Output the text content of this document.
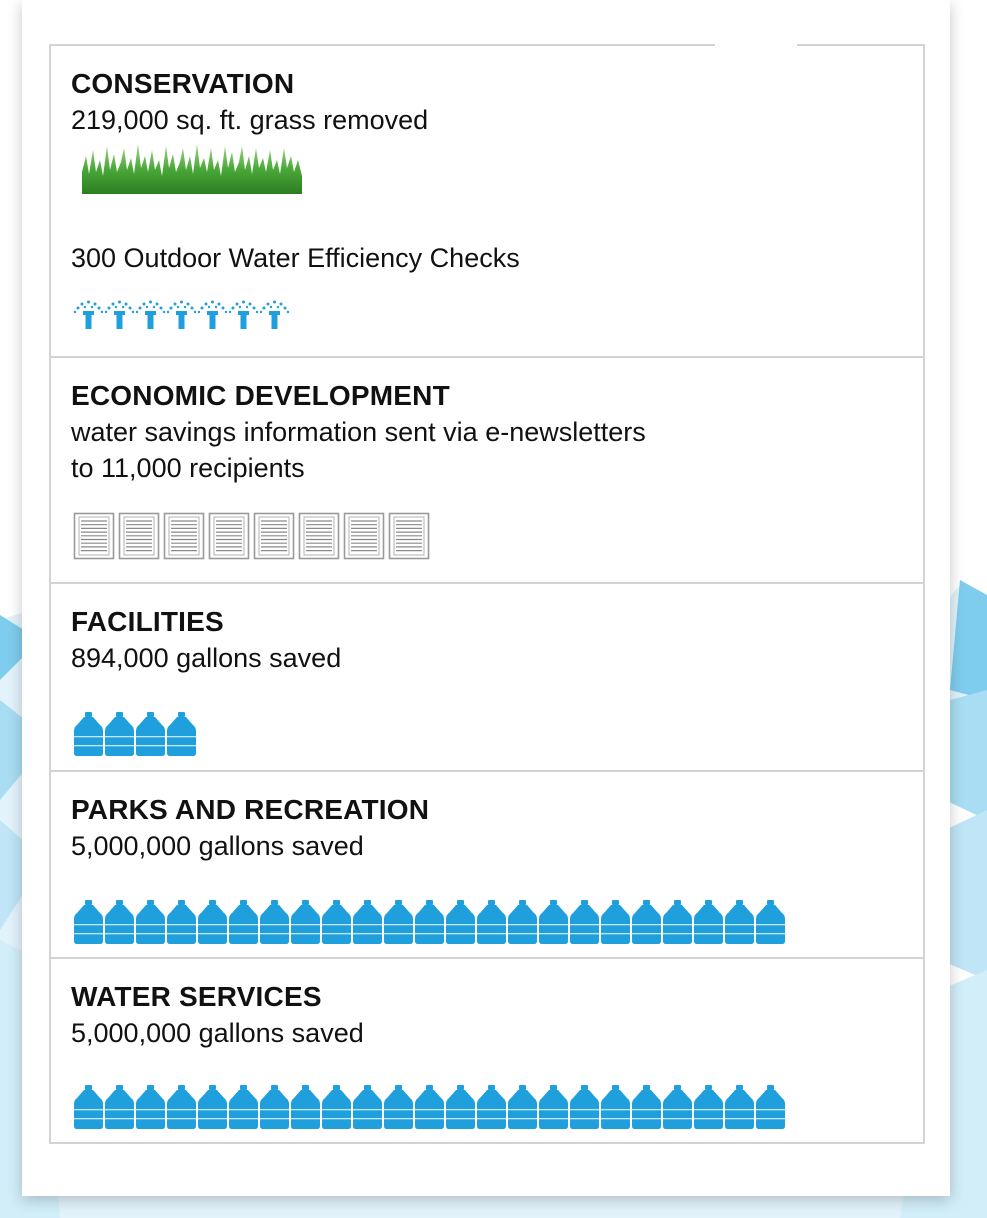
CONSERVATION

219,000 sq. ft. grass removed

300 Outdoor Water Efficiency Checks

ECONOMIC DEVELOPMENT

water savings information sent via e-newsletters

to 11,000 recipients

FACILITIES

894,000 gallons saved

PARKS AND RECREATION

5,000,000 gallons saved

WATER SERVICES

5,000,000 gallons saved
